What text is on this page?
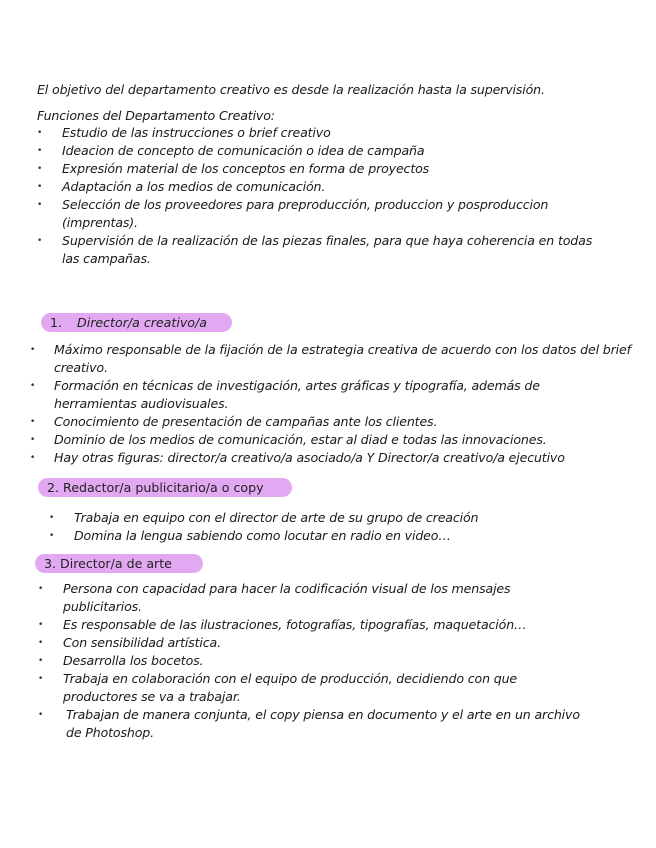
El objetivo del departamento creativo es desde la realización hasta la supervisión.

Funciones del Departamento Creativo:

• Estudio de las instrucciones o brief creativo
• Ideacion de concepto de comunicación o idea de campaña
• Expresión material de los conceptos en forma de proyectos
• Adaptación a los medios de comunicación.
• Selección de los proveedores para preproducción, produccion y posproduccion (imprentas).
• Supervisión de la realización de las piezas finales, para que haya coherencia en todas las campañas.
1. Director/a creativo/a
• Máximo responsable de la fijación de la estrategia creativa de acuerdo con los datos del brief creativo.
• Formación en técnicas de investigación, artes gráficas y tipografía, además de herramientas audiovisuales.
• Conocimiento de presentación de campañas ante los clientes.
• Dominio de los medios de comunicación, estar al diad e todas las innovaciones.
• Hay otras figuras: director/a creativo/a asociado/a Y Director/a creativo/a ejecutivo
2. Redactor/a publicitario/a o copy
• Trabaja en equipo con el director de arte de su grupo de creación
• Domina la lengua sabiendo como locutar en radio en video…
3. Director/a de arte
• Persona con capacidad para hacer la codificación visual de los mensajes publicitarios.
• Es responsable de las ilustraciones, fotografías, tipografías, maquetación…
• Con sensibilidad artística.
• Desarrolla los bocetos.
• Trabaja en colaboración con el equipo de producción, decidiendo con que productores se va a trabajar.
• Trabajan de manera conjunta, el copy piensa en documento y el arte en un archivo de Photoshop.
